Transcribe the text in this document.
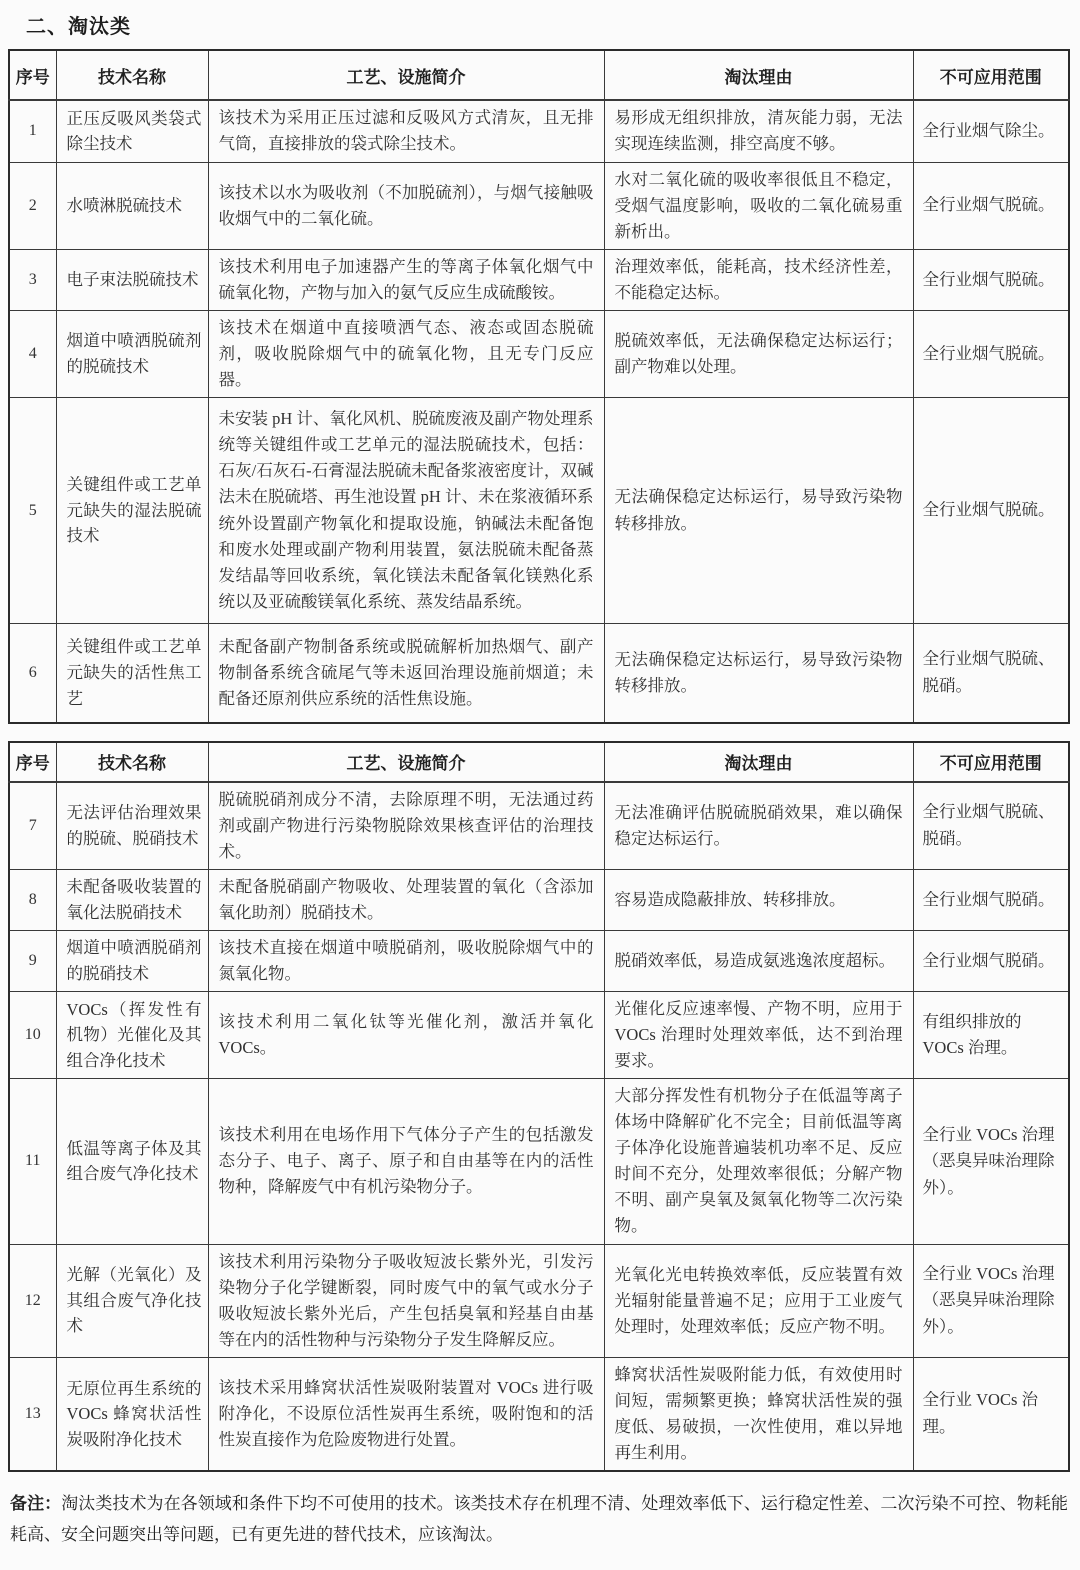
二、淘汰类
序号	技术名称	工艺、设施简介	淘汰理由	不可应用范围
1	正压反吸风类袋式除尘技术	该技术为采用正压过滤和反吸风方式清灰，且无排气筒，直接排放的袋式除尘技术。	易形成无组织排放，清灰能力弱，无法实现连续监测，排空高度不够。	全行业烟气除尘。
2	水喷淋脱硫技术	该技术以水为吸收剂（不加脱硫剂），与烟气接触吸收烟气中的二氧化硫。	水对二氧化硫的吸收率很低且不稳定，受烟气温度影响，吸收的二氧化硫易重新析出。	全行业烟气脱硫。
3	电子束法脱硫技术	该技术利用电子加速器产生的等离子体氧化烟气中硫氧化物，产物与加入的氨气反应生成硫酸铵。	治理效率低，能耗高，技术经济性差，不能稳定达标。	全行业烟气脱硫。
4	烟道中喷洒脱硫剂的脱硫技术	该技术在烟道中直接喷洒气态、液态或固态脱硫剂，吸收脱除烟气中的硫氧化物，且无专门反应器。	脱硫效率低，无法确保稳定达标运行；副产物难以处理。	全行业烟气脱硫。
5	关键组件或工艺单元缺失的湿法脱硫技术	未安装 pH 计、氧化风机、脱硫废液及副产物处理系统等关键组件或工艺单元的湿法脱硫技术，包括：石灰/石灰石-石膏湿法脱硫未配备浆液密度计，双碱法未在脱硫塔、再生池设置 pH 计、未在浆液循环系统外设置副产物氧化和提取设施，钠碱法未配备饱和废水处理或副产物利用装置，氨法脱硫未配备蒸发结晶等回收系统，氧化镁法未配备氧化镁熟化系统以及亚硫酸镁氧化系统、蒸发结晶系统。	无法确保稳定达标运行，易导致污染物转移排放。	全行业烟气脱硫。
6	关键组件或工艺单元缺失的活性焦工艺	未配备副产物制备系统或脱硫解析加热烟气、副产物制备系统含硫尾气等未返回治理设施前烟道；未配备还原剂供应系统的活性焦设施。	无法确保稳定达标运行，易导致污染物转移排放。	全行业烟气脱硫、脱硝。
序号	技术名称	工艺、设施简介	淘汰理由	不可应用范围
7	无法评估治理效果的脱硫、脱硝技术	脱硫脱硝剂成分不清，去除原理不明，无法通过药剂或副产物进行污染物脱除效果核查评估的治理技术。	无法准确评估脱硫脱硝效果，难以确保稳定达标运行。	全行业烟气脱硫、脱硝。
8	未配备吸收装置的氧化法脱硝技术	未配备脱硝副产物吸收、处理装置的氧化（含添加氧化助剂）脱硝技术。	容易造成隐蔽排放、转移排放。	全行业烟气脱硝。
9	烟道中喷洒脱硝剂的脱硝技术	该技术直接在烟道中喷脱硝剂，吸收脱除烟气中的氮氧化物。	脱硝效率低，易造成氨逃逸浓度超标。	全行业烟气脱硝。
10	VOCs（挥发性有机物）光催化及其组合净化技术	该技术利用二氧化钛等光催化剂，激活并氧化 VOCs。	光催化反应速率慢、产物不明，应用于 VOCs 治理时处理效率低，达不到治理要求。	有组织排放的 VOCs 治理。
11	低温等离子体及其组合废气净化技术	该技术利用在电场作用下气体分子产生的包括激发态分子、电子、离子、原子和自由基等在内的活性物种，降解废气中有机污染物分子。	大部分挥发性有机物分子在低温等离子体场中降解矿化不完全；目前低温等离子体净化设施普遍装机功率不足、反应时间不充分，处理效率很低；分解产物不明、副产臭氧及氮氧化物等二次污染物。	全行业 VOCs 治理（恶臭异味治理除外）。
12	光解（光氧化）及其组合废气净化技术	该技术利用污染物分子吸收短波长紫外光，引发污染物分子化学键断裂，同时废气中的氧气或水分子吸收短波长紫外光后，产生包括臭氧和羟基自由基等在内的活性物种与污染物分子发生降解反应。	光氧化光电转换效率低，反应装置有效光辐射能量普遍不足；应用于工业废气处理时，处理效率低；反应产物不明。	全行业 VOCs 治理（恶臭异味治理除外）。
13	无原位再生系统的 VOCs 蜂窝状活性炭吸附净化技术	该技术采用蜂窝状活性炭吸附装置对 VOCs 进行吸附净化，不设原位活性炭再生系统，吸附饱和的活性炭直接作为危险废物进行处置。	蜂窝状活性炭吸附能力低，有效使用时间短，需频繁更换；蜂窝状活性炭的强度低、易破损，一次性使用，难以异地再生利用。	全行业 VOCs 治理。

备注：淘汰类技术为在各领域和条件下均不可使用的技术。该类技术存在机理不清、处理效率低下、运行稳定性差、二次污染不可控、物耗能耗高、安全问题突出等问题，已有更先进的替代技术，应该淘汰。
